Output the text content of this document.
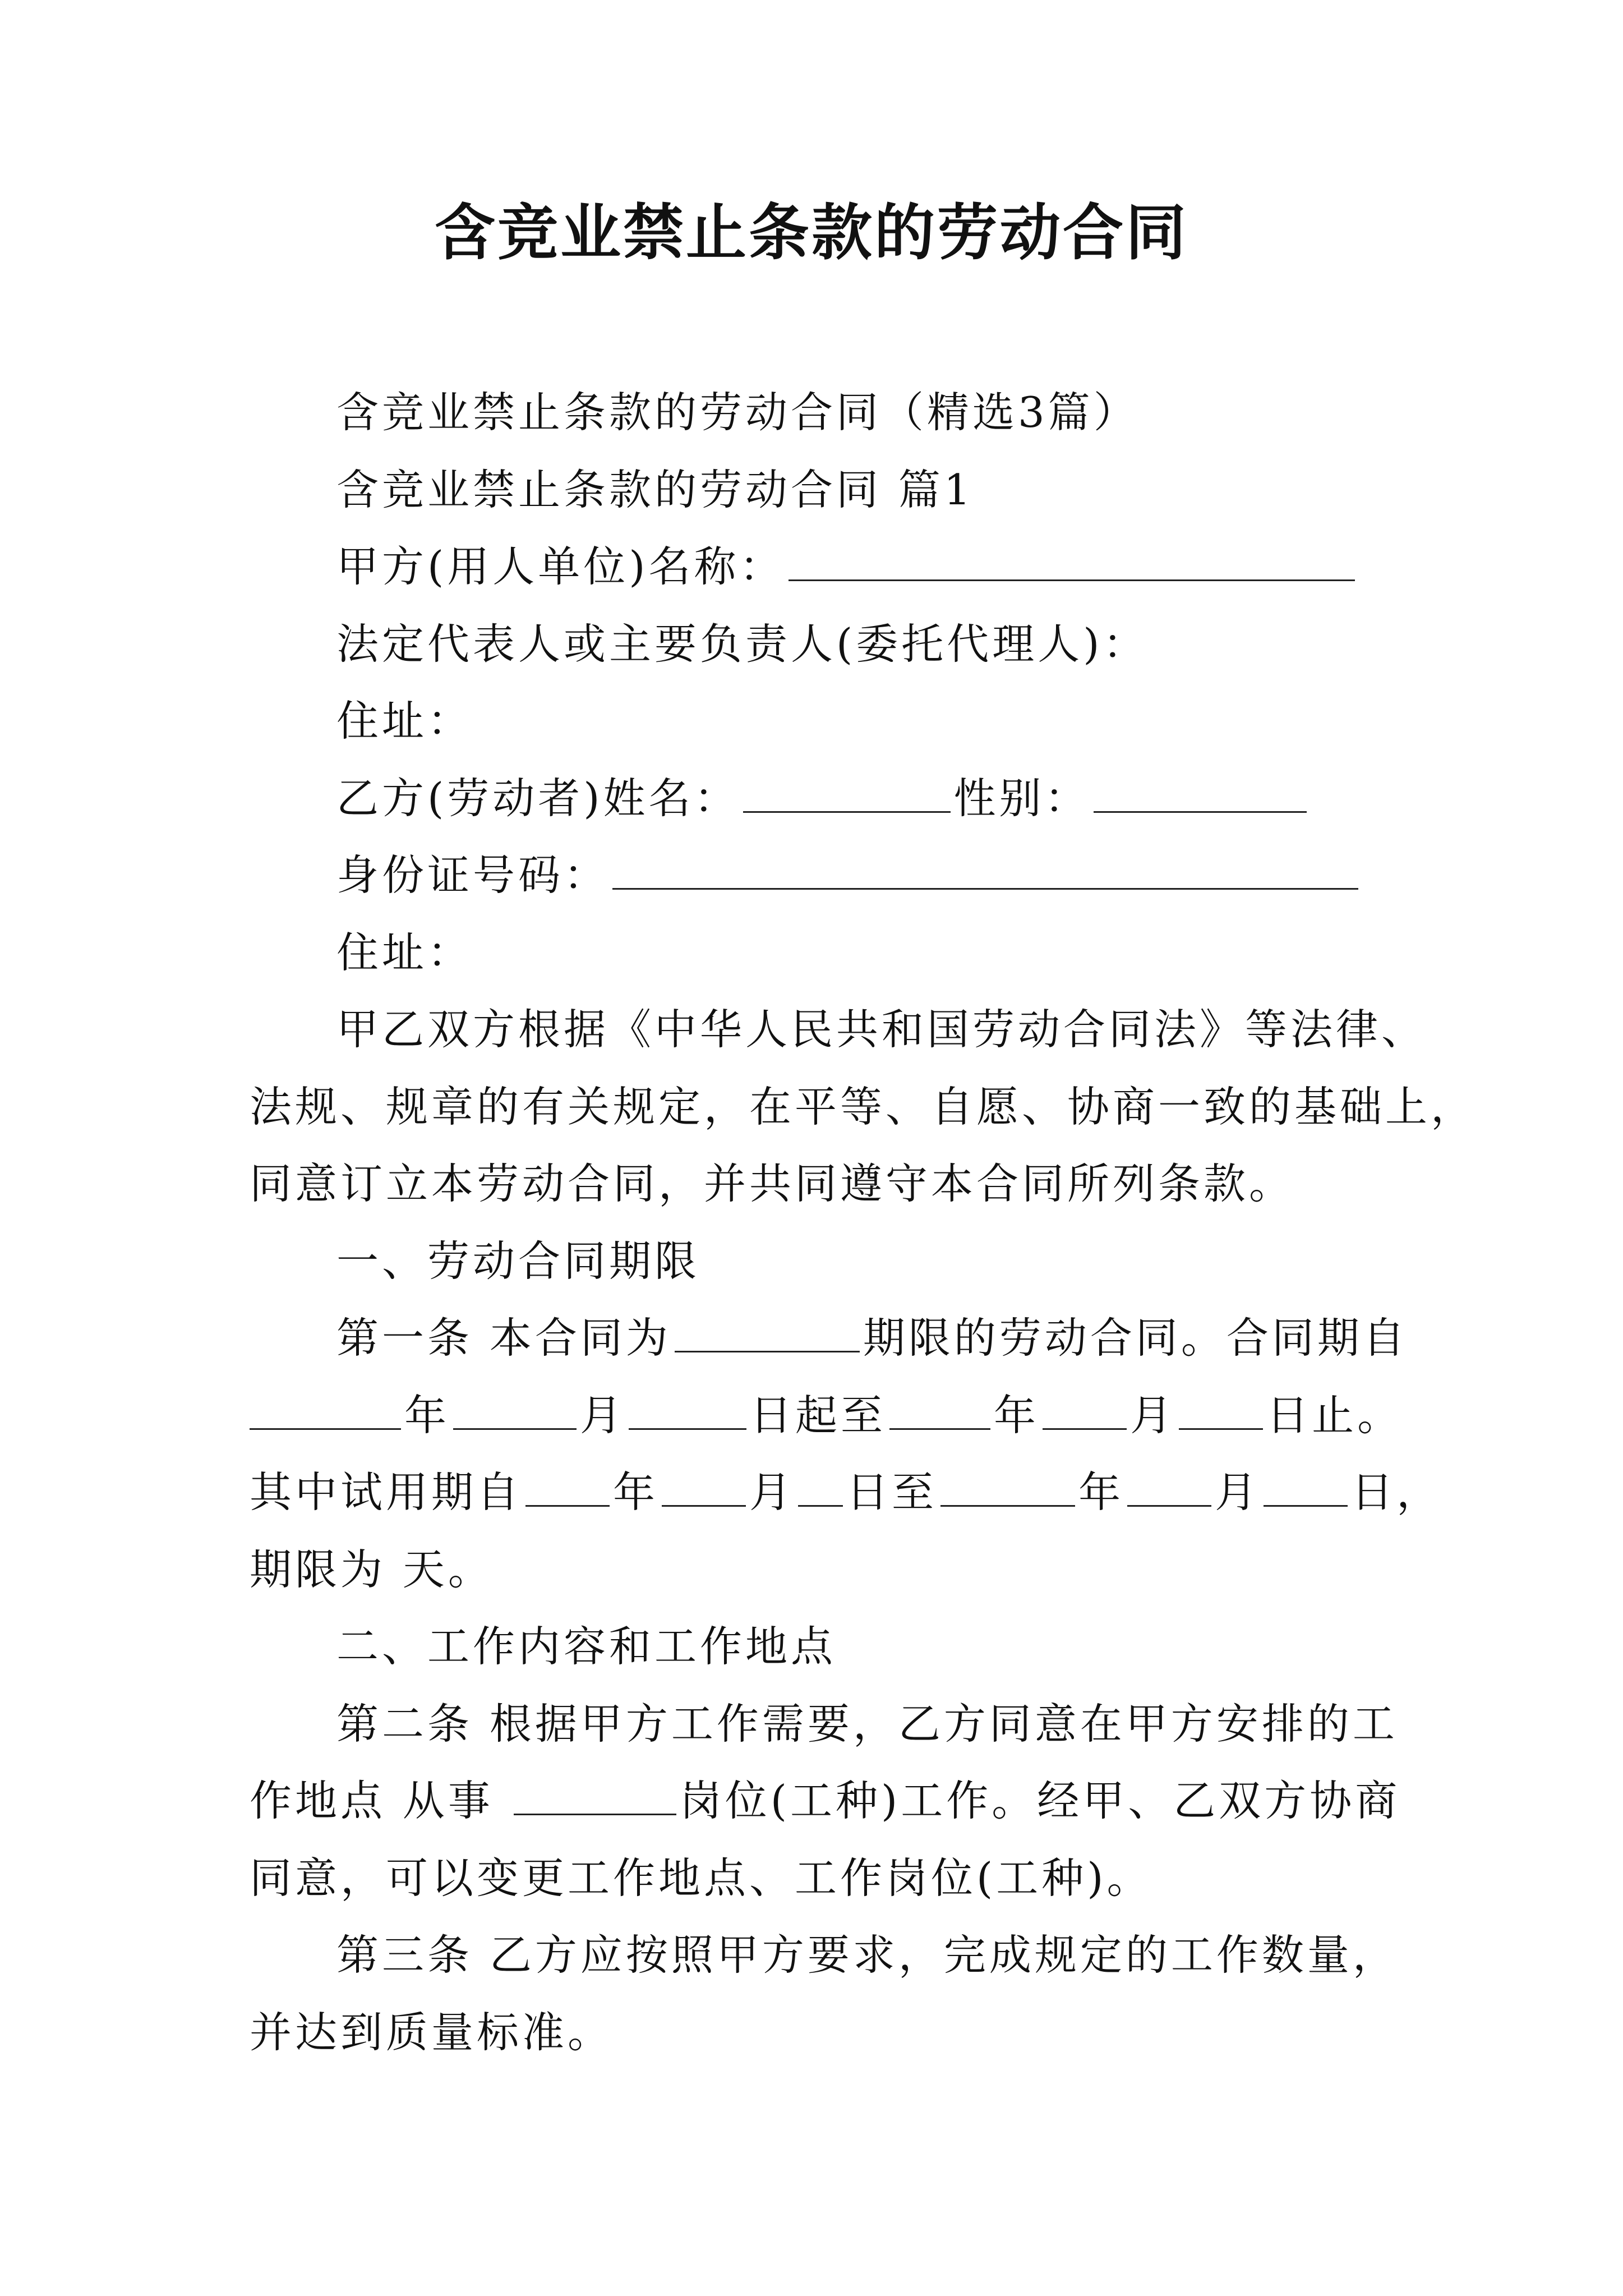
含竞业禁止条款的劳动合同
含竞业禁止条款的劳动合同（精选3篇）
含竞业禁止条款的劳动合同 篇1
甲方(用人单位)名称：
法定代表人或主要负责人(委托代理人)：
住址：
乙方(劳动者)姓名：	性别：
身份证号码：
住址：
甲乙双方根据《中华人民共和国劳动合同法》等法律、
法规、规章的有关规定，在平等、自愿、协商一致的基础上，
同意订立本劳动合同，并共同遵守本合同所列条款。
一、劳动合同期限
第一条 本合同为	期限的劳动合同。合同期自
年	月	日起至	年 月 日止。
其中试用期自 年 月 日至	年 月 日，
期限为 天。
二、工作内容和工作地点
第二条 根据甲方工作需要，乙方同意在甲方安排的工
作地点 从事	岗位(工种)工作。经甲、乙双方协商
同意，可以变更工作地点、工作岗位(工种)。
第三条 乙方应按照甲方要求，完成规定的工作数量，
并达到质量标准。
